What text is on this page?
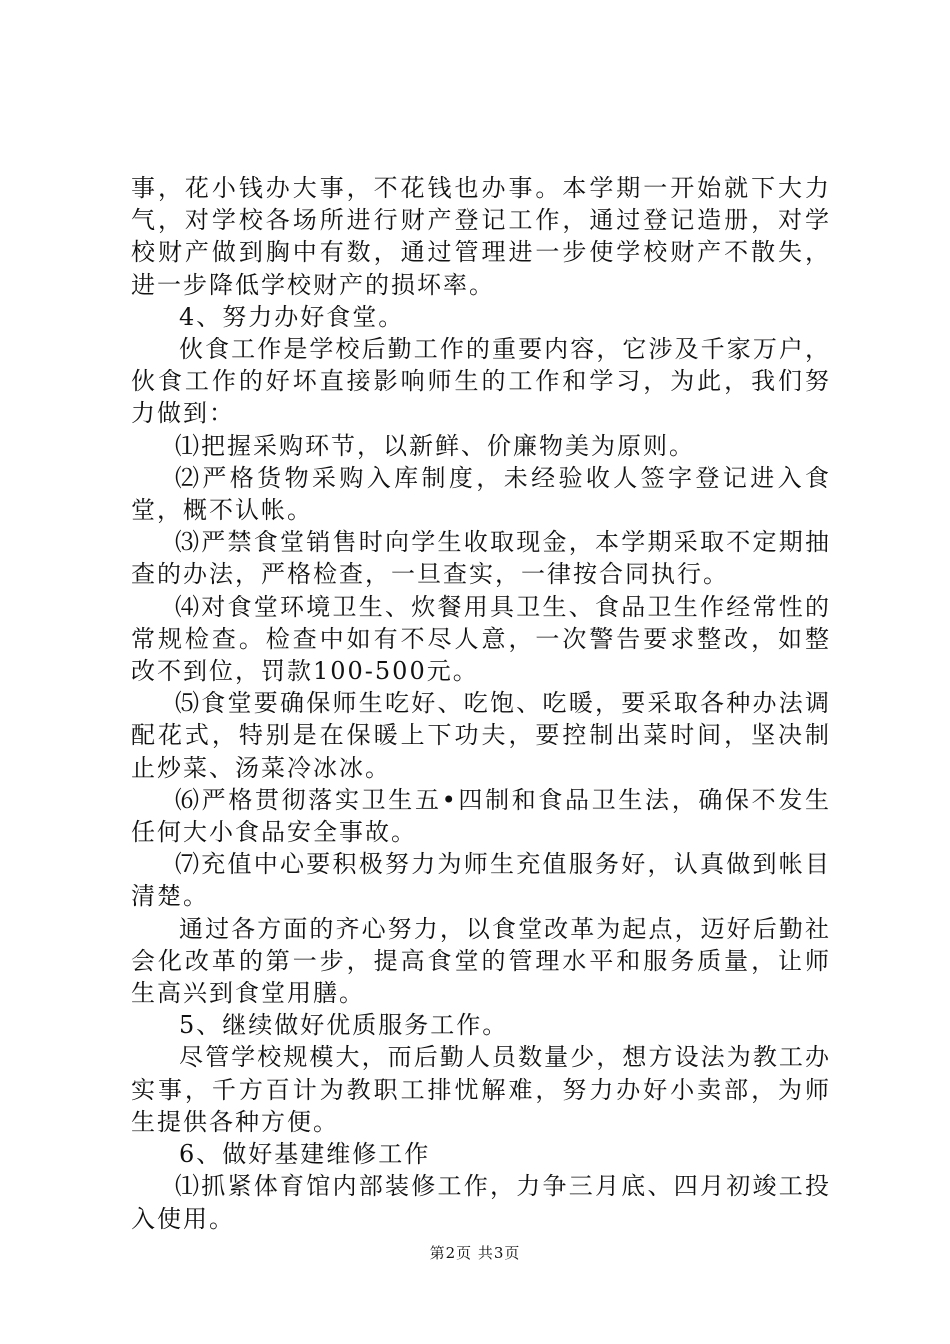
事，花小钱办大事，不花钱也办事。本学期一开始就下大力气，对学校各场所进行财产登记工作，通过登记造册，对学校财产做到胸中有数，通过管理进一步使学校财产不散失，进一步降低学校财产的损坏率。

4、努力办好食堂。

伙食工作是学校后勤工作的重要内容，它涉及千家万户，伙食工作的好坏直接影响师生的工作和学习，为此，我们努力做到：

⑴把握采购环节，以新鲜、价廉物美为原则。

⑵严格货物采购入库制度，未经验收人签字登记进入食堂，概不认帐。

⑶严禁食堂销售时向学生收取现金，本学期采取不定期抽查的办法，严格检查，一旦查实，一律按合同执行。

⑷对食堂环境卫生、炊餐用具卫生、食品卫生作经常性的常规检查。检查中如有不尽人意，一次警告要求整改，如整改不到位，罚款100-500元。

⑸食堂要确保师生吃好、吃饱、吃暖，要采取各种办法调配花式，特别是在保暖上下功夫，要控制出菜时间，坚决制止炒菜、汤菜冷冰冰。

⑹严格贯彻落实卫生五•四制和食品卫生法，确保不发生任何大小食品安全事故。

⑺充值中心要积极努力为师生充值服务好，认真做到帐目清楚。

通过各方面的齐心努力，以食堂改革为起点，迈好后勤社会化改革的第一步，提高食堂的管理水平和服务质量，让师生高兴到食堂用膳。

5、继续做好优质服务工作。

尽管学校规模大，而后勤人员数量少，想方设法为教工办实事，千方百计为教职工排忧解难，努力办好小卖部，为师生提供各种方便。

6、做好基建维修工作

⑴抓紧体育馆内部装修工作，力争三月底、四月初竣工投入使用。

第2页 共3页
